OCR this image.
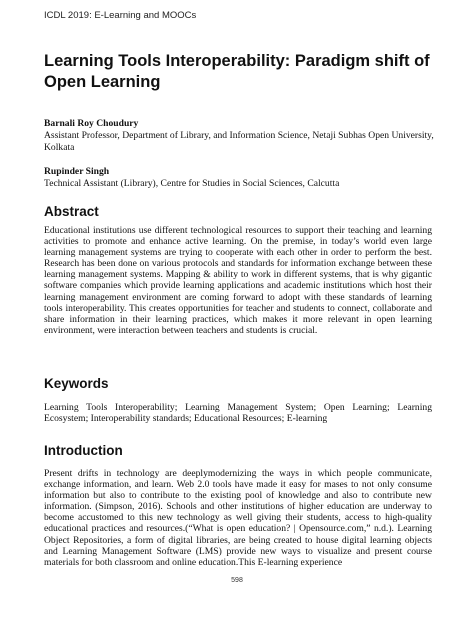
ICDL 2019: E-Learning and MOOCs
Learning Tools Interoperability: Paradigm shift of Open Learning
Barnali Roy Choudury
Assistant Professor, Department of Library, and Information Science, Netaji Subhas Open University, Kolkata
Rupinder Singh
Technical Assistant (Library), Centre for Studies in Social Sciences, Calcutta
Abstract

Educational institutions use different technological resources to support their teaching and learning activities to promote and enhance active learning. On the premise, in today’s world even large learning management systems are trying to cooperate with each other in order to perform the best. Research has been done on various protocols and standards for information exchange between these learning management systems. Mapping & ability to work in different systems, that is why gigantic software companies which provide learning applications and academic institutions which host their learning management environment are coming forward to adopt with these standards of learning tools interoperability. This creates opportunities for teacher and students to connect, collaborate and share information in their learning practices, which makes it more relevant in open learning environment, were interaction between teachers and students is crucial.

Keywords

Learning Tools Interoperability; Learning Management System; Open Learning; Learning Ecosystem; Interoperability standards; Educational Resources; E-learning

Introduction

Present drifts in technology are deeplymodernizing the ways in which people communicate, exchange information, and learn. Web 2.0 tools have made it easy for mases to not only consume information but also to contribute to the existing pool of knowledge and also to contribute new information. (Simpson, 2016). Schools and other institutions of higher education are underway to become accustomed to this new technology as well giving their students, access to high-quality educational practices and resources.(“What is open education? | Opensource.com,” n.d.). Learning Object Repositories, a form of digital libraries, are being created to house digital learning objects and Learning Management Software (LMS) provide new ways to visualize and present course materials for both classroom and online education.This E-learning experience

598
